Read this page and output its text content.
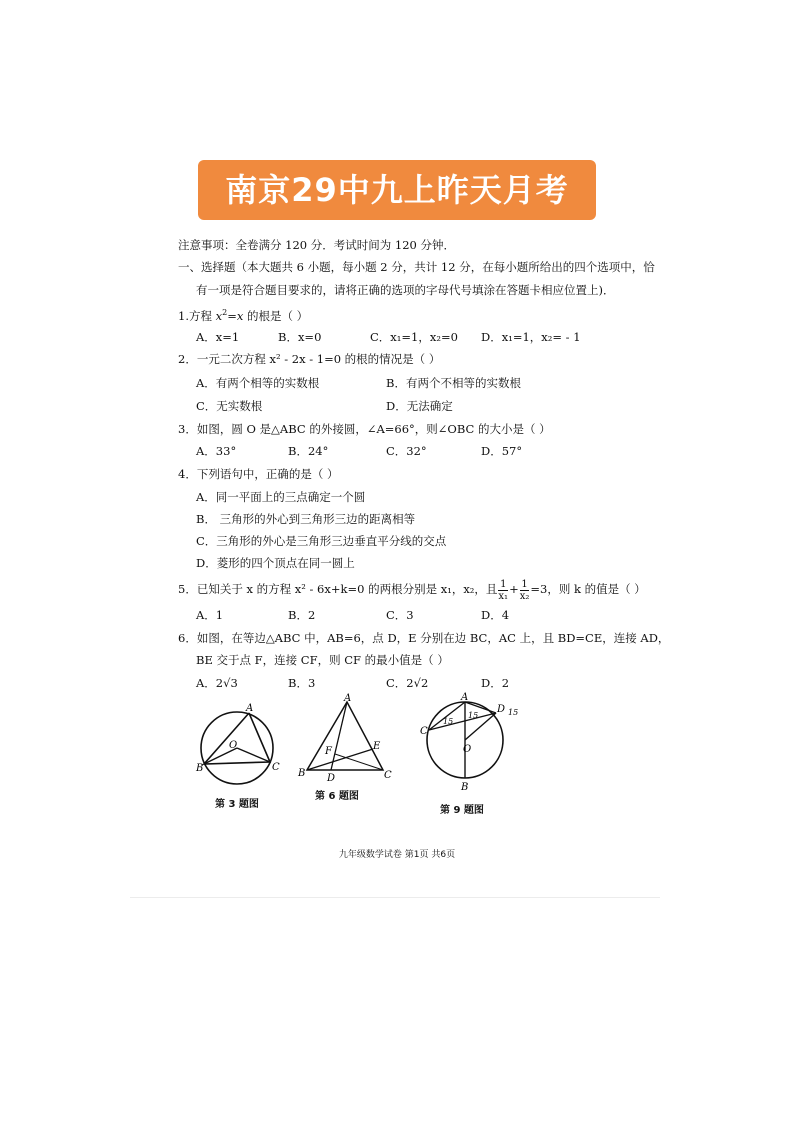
南京29中九上昨天月考
注意事项：全卷满分 120 分．考试时间为 120 分钟．
一、选择题（本大题共 6 小题，每小题 2 分，共计 12 分，在每小题所给出的四个选项中，恰
有一项是符合题目要求的，请将正确的选项的字母代号填涂在答题卡相应位置上)．
1.方程 $x^2=x$ 的根是（ ）
A．x=1	B．x=0	C．x₁=1，x₂=0 D．x₁=1，x₂= - 1
2．一元二次方程 x² - 2x - 1=0 的根的情况是（ ）
A．有两个相等的实数根	B．有两个不相等的实数根
C．无实数根	D．无法确定
3．如图，圆 O 是△ABC 的外接圆，∠A=66°，则∠OBC 的大小是（ ）
A．33°	B．24°	C．32°	D．57°
4．下列语句中，正确的是（ ）
A．同一平面上的三点确定一个圆
B． 三角形的外心到三角形三边的距离相等
C．三角形的外心是三角形三边垂直平分线的交点
D．菱形的四个顶点在同一圆上
5．已知关于 x 的方程 x² - 6x+k=0 的两根分别是 x₁，x₂，且 $\frac{1}{\text{x₁}} + \frac{1}{\text{x₂}} =3$，则 k 的值是（ ）
A．1	B．2	C．3	D．4
6．如图，在等边△ABC 中，AB=6，点 D，E 分别在边 BC，AC 上，且 BD=CE，连接 AD，
BE 交于点 F，连接 CF，则 CF 的最小值是（ ）
A．2√3	B．3	C．2√2	D．2
A
B	C
O
第 3 题图
A
B	C
D
E
F
第 6 题图
A
B
C
D
O
15
15	15
第 9 题图
九年级数学试卷 第1页 共6页
